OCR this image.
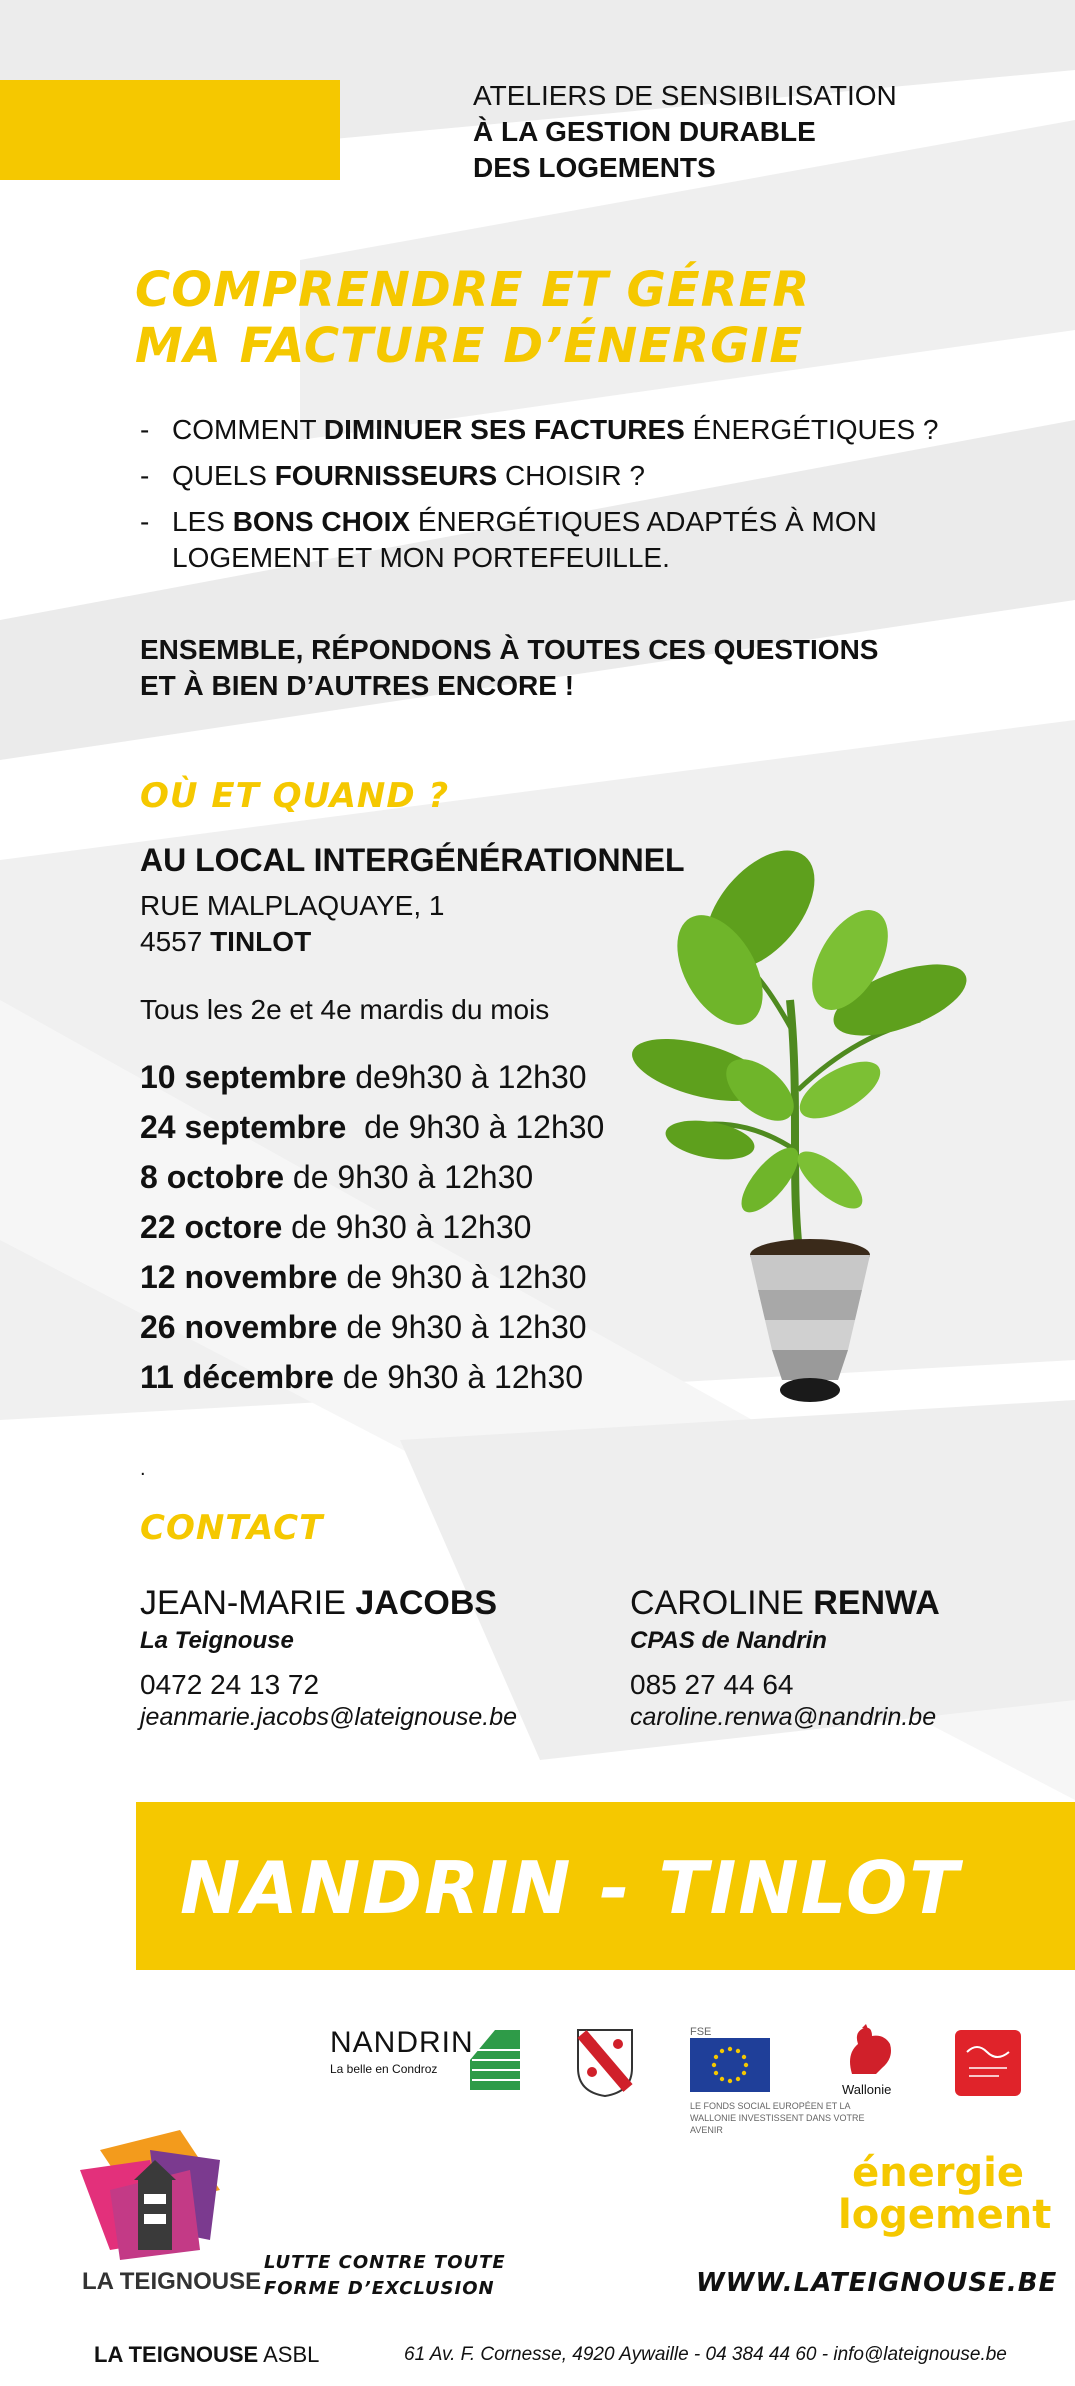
ATELIERS DE SENSIBILISATION
À LA GESTION DURABLE
DES LOGEMENTS
COMPRENDRE ET GÉRER
MA FACTURE D’ÉNERGIE
- COMMENT DIMINUER SES FACTURES ÉNERGÉTIQUES ?
- QUELS FOURNISSEURS CHOISIR ?
- LES BONS CHOIX ÉNERGÉTIQUES ADAPTÉS À MON LOGEMENT ET MON PORTEFEUILLE.
ENSEMBLE, RÉPONDONS À TOUTES CES QUESTIONS
ET À BIEN D’AUTRES ENCORE !
OÙ ET QUAND ?
AU LOCAL INTERGÉNÉRATIONNEL
RUE MALPLAQUAYE, 1
4557 TINLOT
Tous les 2e et 4e mardis du mois
10 septembre de9h30 à 12h30
24 septembre  de 9h30 à 12h30
8 octobre de 9h30 à 12h30
22 octore de 9h30 à 12h30
12 novembre de 9h30 à 12h30
26 novembre de 9h30 à 12h30
11 décembre de 9h30 à 12h30
.
CONTACT
JEAN-MARIE JACOBS
La Teignouse
0472 24 13 72
jeanmarie.jacobs@lateignouse.be
CAROLINE RENWA
CPAS de Nandrin
085 27 44 64
caroline.renwa@nandrin.be
NANDRIN - TINLOT
NANDRIN
La belle en Condroz
FSE
LE FONDS SOCIAL EUROPÉEN ET LA WALLONIE INVESTISSENT DANS VOTRE AVENIR
Wallonie
LA TEIGNOUSE
LUTTE CONTRE TOUTE
FORME D’EXCLUSION
énergie
logement
WWW.LATEIGNOUSE.BE
LA TEIGNOUSE ASBL	61 Av. F. Cornesse, 4920 Aywaille - 04 384 44 60 - info@lateignouse.be
